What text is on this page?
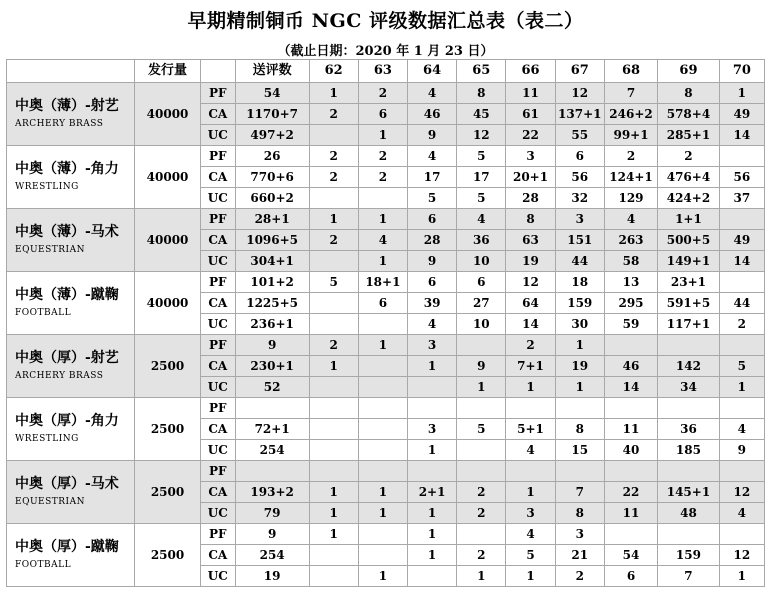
早期精制铜币 NGC 评级数据汇总表（表二）
（截止日期：2020 年 1 月 23 日）
	发行量		送评数	62	63	64	65	66	67	68	69	70

中奥（薄）-射艺
ARCHERY BRASS	40000	PF	54	1	2	4	8	11	12	7	8	1
		CA	1170+7	2	6	46	45	61	137+1	246+2	578+4	49
		UC	497+2		1	9	12	22	55	99+1	285+1	14

中奥（薄）-角力
WRESTLING	40000	PF	26	2	2	4	5	3	6	2	2	
		CA	770+6	2	2	17	17	20+1	56	124+1	476+4	56
		UC	660+2			5	5	28	32	129	424+2	37

中奥（薄）-马术
EQUESTRIAN	40000	PF	28+1	1	1	6	4	8	3	4	1+1	
		CA	1096+5	2	4	28	36	63	151	263	500+5	49
		UC	304+1		1	9	10	19	44	58	149+1	14

中奥（薄）-蹴鞠
FOOTBALL	40000	PF	101+2	5	18+1	6	6	12	18	13	23+1	
		CA	1225+5		6	39	27	64	159	295	591+5	44
		UC	236+1			4	10	14	30	59	117+1	2

中奥（厚）-射艺
ARCHERY BRASS	2500	PF	9	2	1	3		2	1			
		CA	230+1	1		1	9	7+1	19	46	142	5
		UC	52				1	1	1	14	34	1

中奥（厚）-角力
WRESTLING	2500	PF										
		CA	72+1			3	5	5+1	8	11	36	4
		UC	254			1		4	15	40	185	9

中奥（厚）-马术
EQUESTRIAN	2500	PF										
		CA	193+2	1	1	2+1	2	1	7	22	145+1	12
		UC	79	1	1	1	2	3	8	11	48	4

中奥（厚）-蹴鞠
FOOTBALL	2500	PF	9	1		1		4	3			
		CA	254			1	2	5	21	54	159	12
		UC	19		1		1	1	2	6	7	1
